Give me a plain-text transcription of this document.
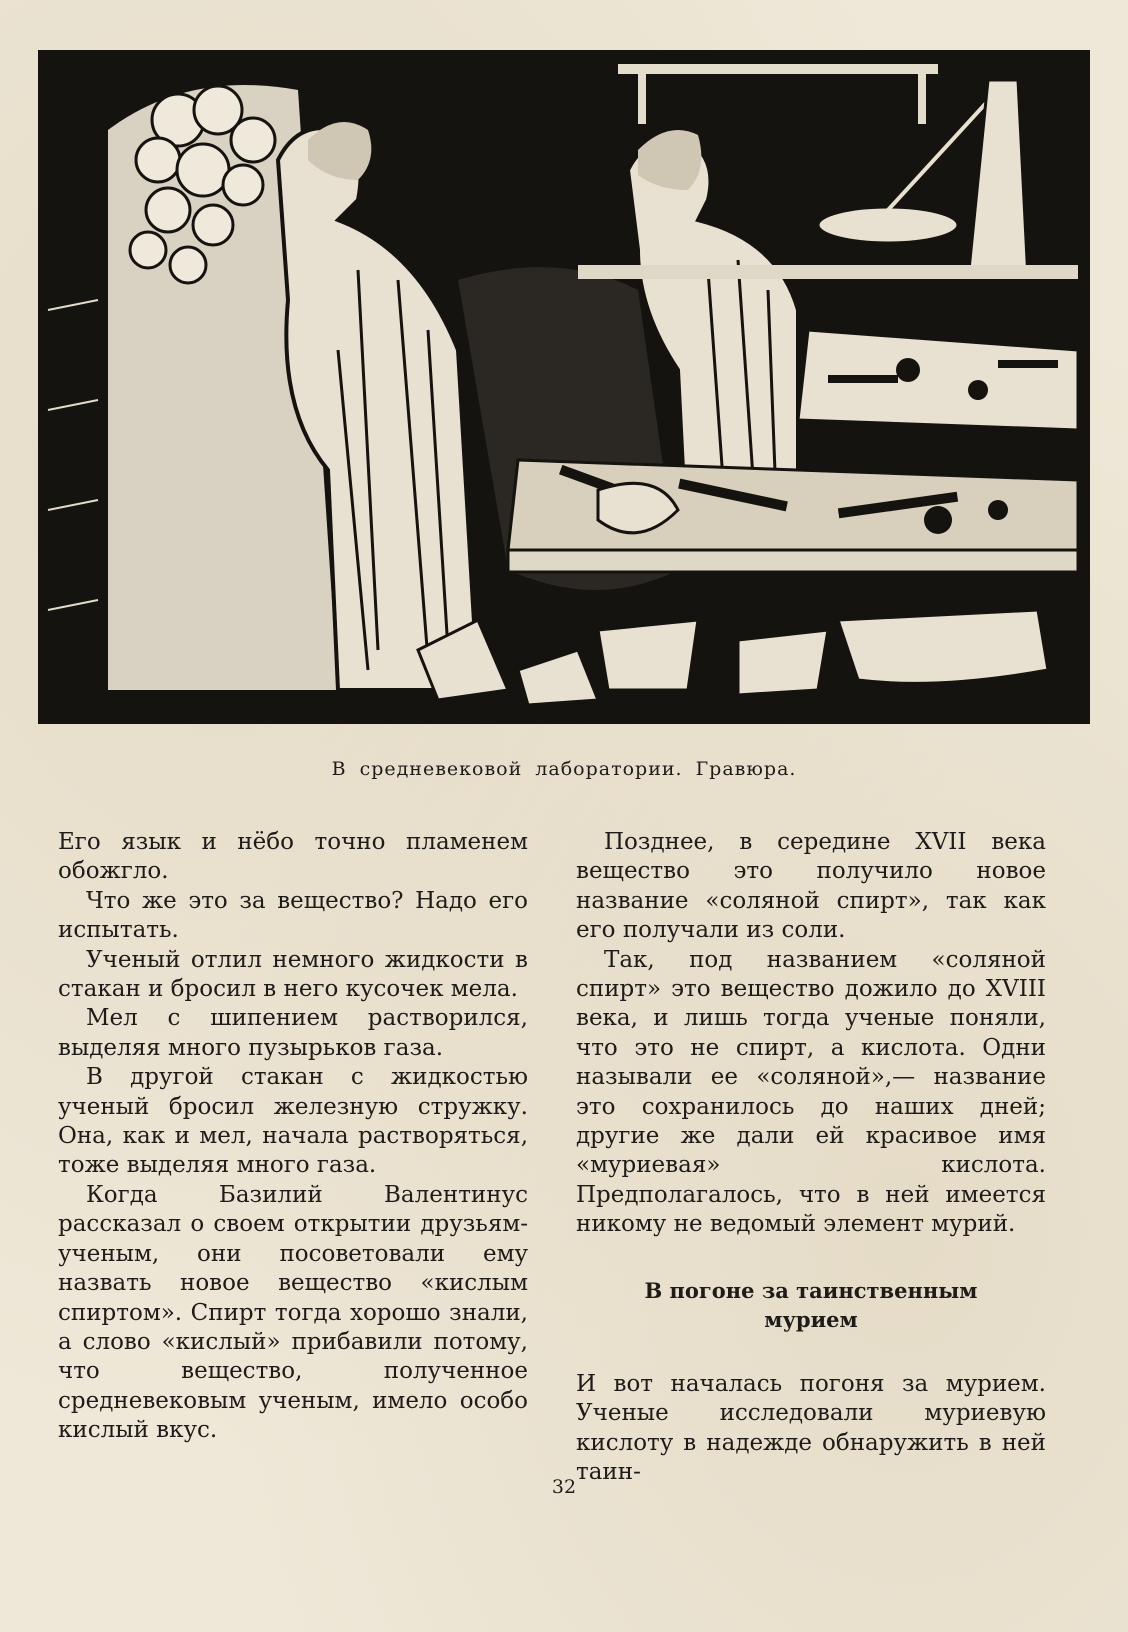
В средневековой лаборатории. Гравюра.

Его язык и нёбо точно пламенем обожгло.

Что же это за вещество? Надо его испытать.

Ученый отлил немного жидкости в стакан и бросил в него кусочек мела.

Мел с шипением растворился, выделяя много пузырьков газа.

В другой стакан с жидкостью ученый бросил железную стружку. Она, как и мел, начала растворяться, тоже выделяя много газа.

Когда Базилий Валентинус рассказал о своем открытии друзьям-ученым, они посоветовали ему назвать новое вещество «кислым спиртом». Спирт тогда хорошо знали, а слово «кислый» прибавили потому, что вещество, полученное средневековым ученым, имело особо кислый вкус.

Позднее, в середине XVII века вещество это получило новое название «соляной спирт», так как его получали из соли.

Так, под названием «соляной спирт» это вещество дожило до XVIII века, и лишь тогда ученые поняли, что это не спирт, а кислота. Одни называли ее «соляной»,— название это сохранилось до наших дней; другие же дали ей красивое имя «муриевая» кислота. Предполагалось, что в ней имеется никому не ведомый элемент мурий.

В погоне за таинственным
мурием

И вот началась погоня за мурием. Ученые исследовали муриевую кислоту в надежде обнаружить в ней таин-

32
